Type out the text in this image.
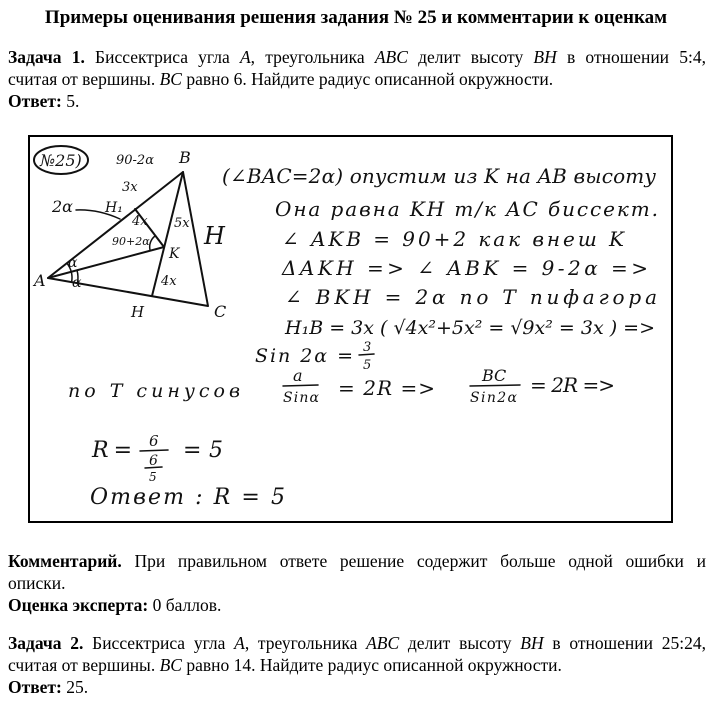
Примеры оценивания решения задания № 25 и комментарии к оценкам
Задача 1. Биссектриса угла A, треугольника ABC делит высоту BH в отношении 5:4,
считая от вершины. BC равно 6. Найдите радиус описанной окружности.
Ответ: 5.
№25)	90-2α B
3x
2α H₁
4x 5x
90+2α H
K
α
4x
α
A
H	C
(∠BAC=2α) опустим из K на AB высоту
Она равна KH т/к AC биссект.
∠ AKB = 90+2 как внеш K
ΔAKH => ∠ ABK = 9-2α =>
∠ BKH = 2α по T пифагора
H₁B = 3x ( √4x²+5x² = √9x² = 3x ) =>
Sin 2α = 3
5
по T синусов
a
Sinα = 2R =>
BC
Sin2α
= 2R =>
R = 6
6
5
= 5
Ответ : R = 5
Комментарий. При правильном ответе решение содержит больше одной ошибки и
описки.
Оценка эксперта: 0 баллов.
Задача 2. Биссектриса угла A, треугольника ABC делит высоту BH в отношении 25:24,
считая от вершины. BC равно 14. Найдите радиус описанной окружности.
Ответ: 25.
